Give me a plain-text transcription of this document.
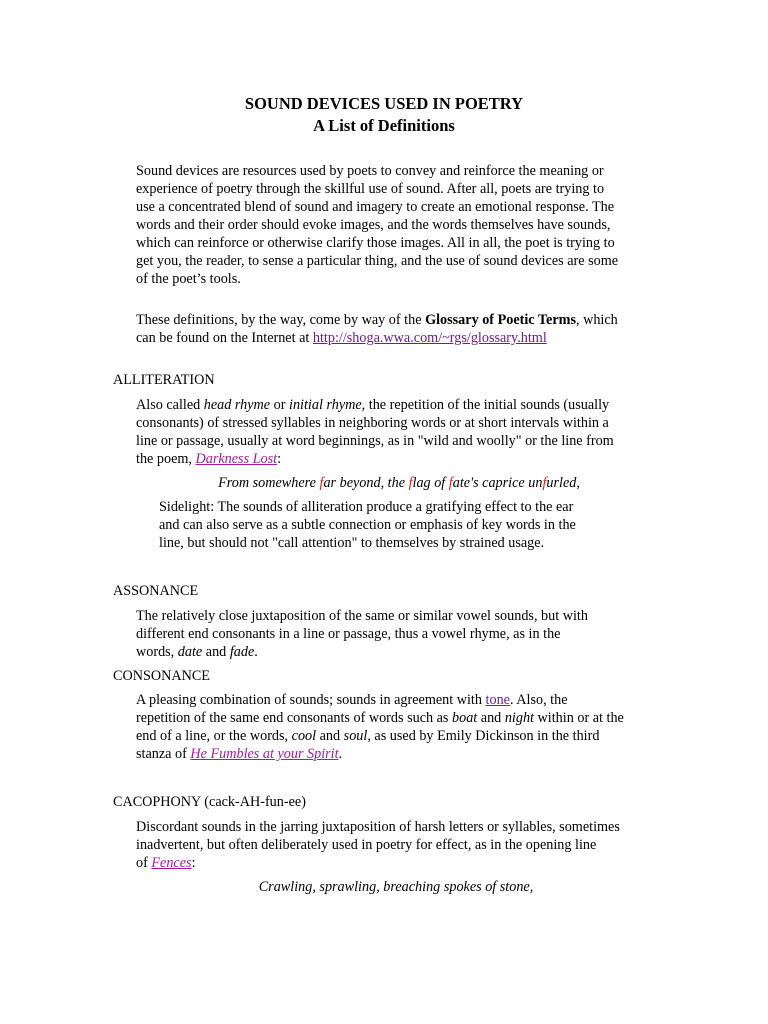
SOUND DEVICES USED IN POETRY
A List of Definitions

Sound devices are resources used by poets to convey and reinforce the meaning or

experience of poetry through the skillful use of sound. After all, poets are trying to

use a concentrated blend of sound and imagery to create an emotional response. The

words and their order should evoke images, and the words themselves have sounds,

which can reinforce or otherwise clarify those images. All in all, the poet is trying to

get you, the reader, to sense a particular thing, and the use of sound devices are some

of the poet’s tools.

These definitions, by the way, come by way of the Glossary of Poetic Terms, which

can be found on the Internet at http://shoga.wwa.com/~rgs/glossary.html

ALLITERATION

Also called head rhyme or initial rhyme, the repetition of the initial sounds (usually

consonants) of stressed syllables in neighboring words or at short intervals within a

line or passage, usually at word beginnings, as in "wild and woolly" or the line from

the poem, Darkness Lost:

From somewhere far beyond, the flag of fate's caprice unfurled,

Sidelight: The sounds of alliteration produce a gratifying effect to the ear

and can also serve as a subtle connection or emphasis of key words in the

line, but should not "call attention" to themselves by strained usage.

ASSONANCE

The relatively close juxtaposition of the same or similar vowel sounds, but with

different end consonants in a line or passage, thus a vowel rhyme, as in the

words, date and fade.

CONSONANCE

A pleasing combination of sounds; sounds in agreement with tone. Also, the

repetition of the same end consonants of words such as boat and night within or at the

end of a line, or the words, cool and soul, as used by Emily Dickinson in the third

stanza of He Fumbles at your Spirit.

CACOPHONY (cack-AH-fun-ee)

Discordant sounds in the jarring juxtaposition of harsh letters or syllables, sometimes

inadvertent, but often deliberately used in poetry for effect, as in the opening line

of Fences:

Crawling, sprawling, breaching spokes of stone,
